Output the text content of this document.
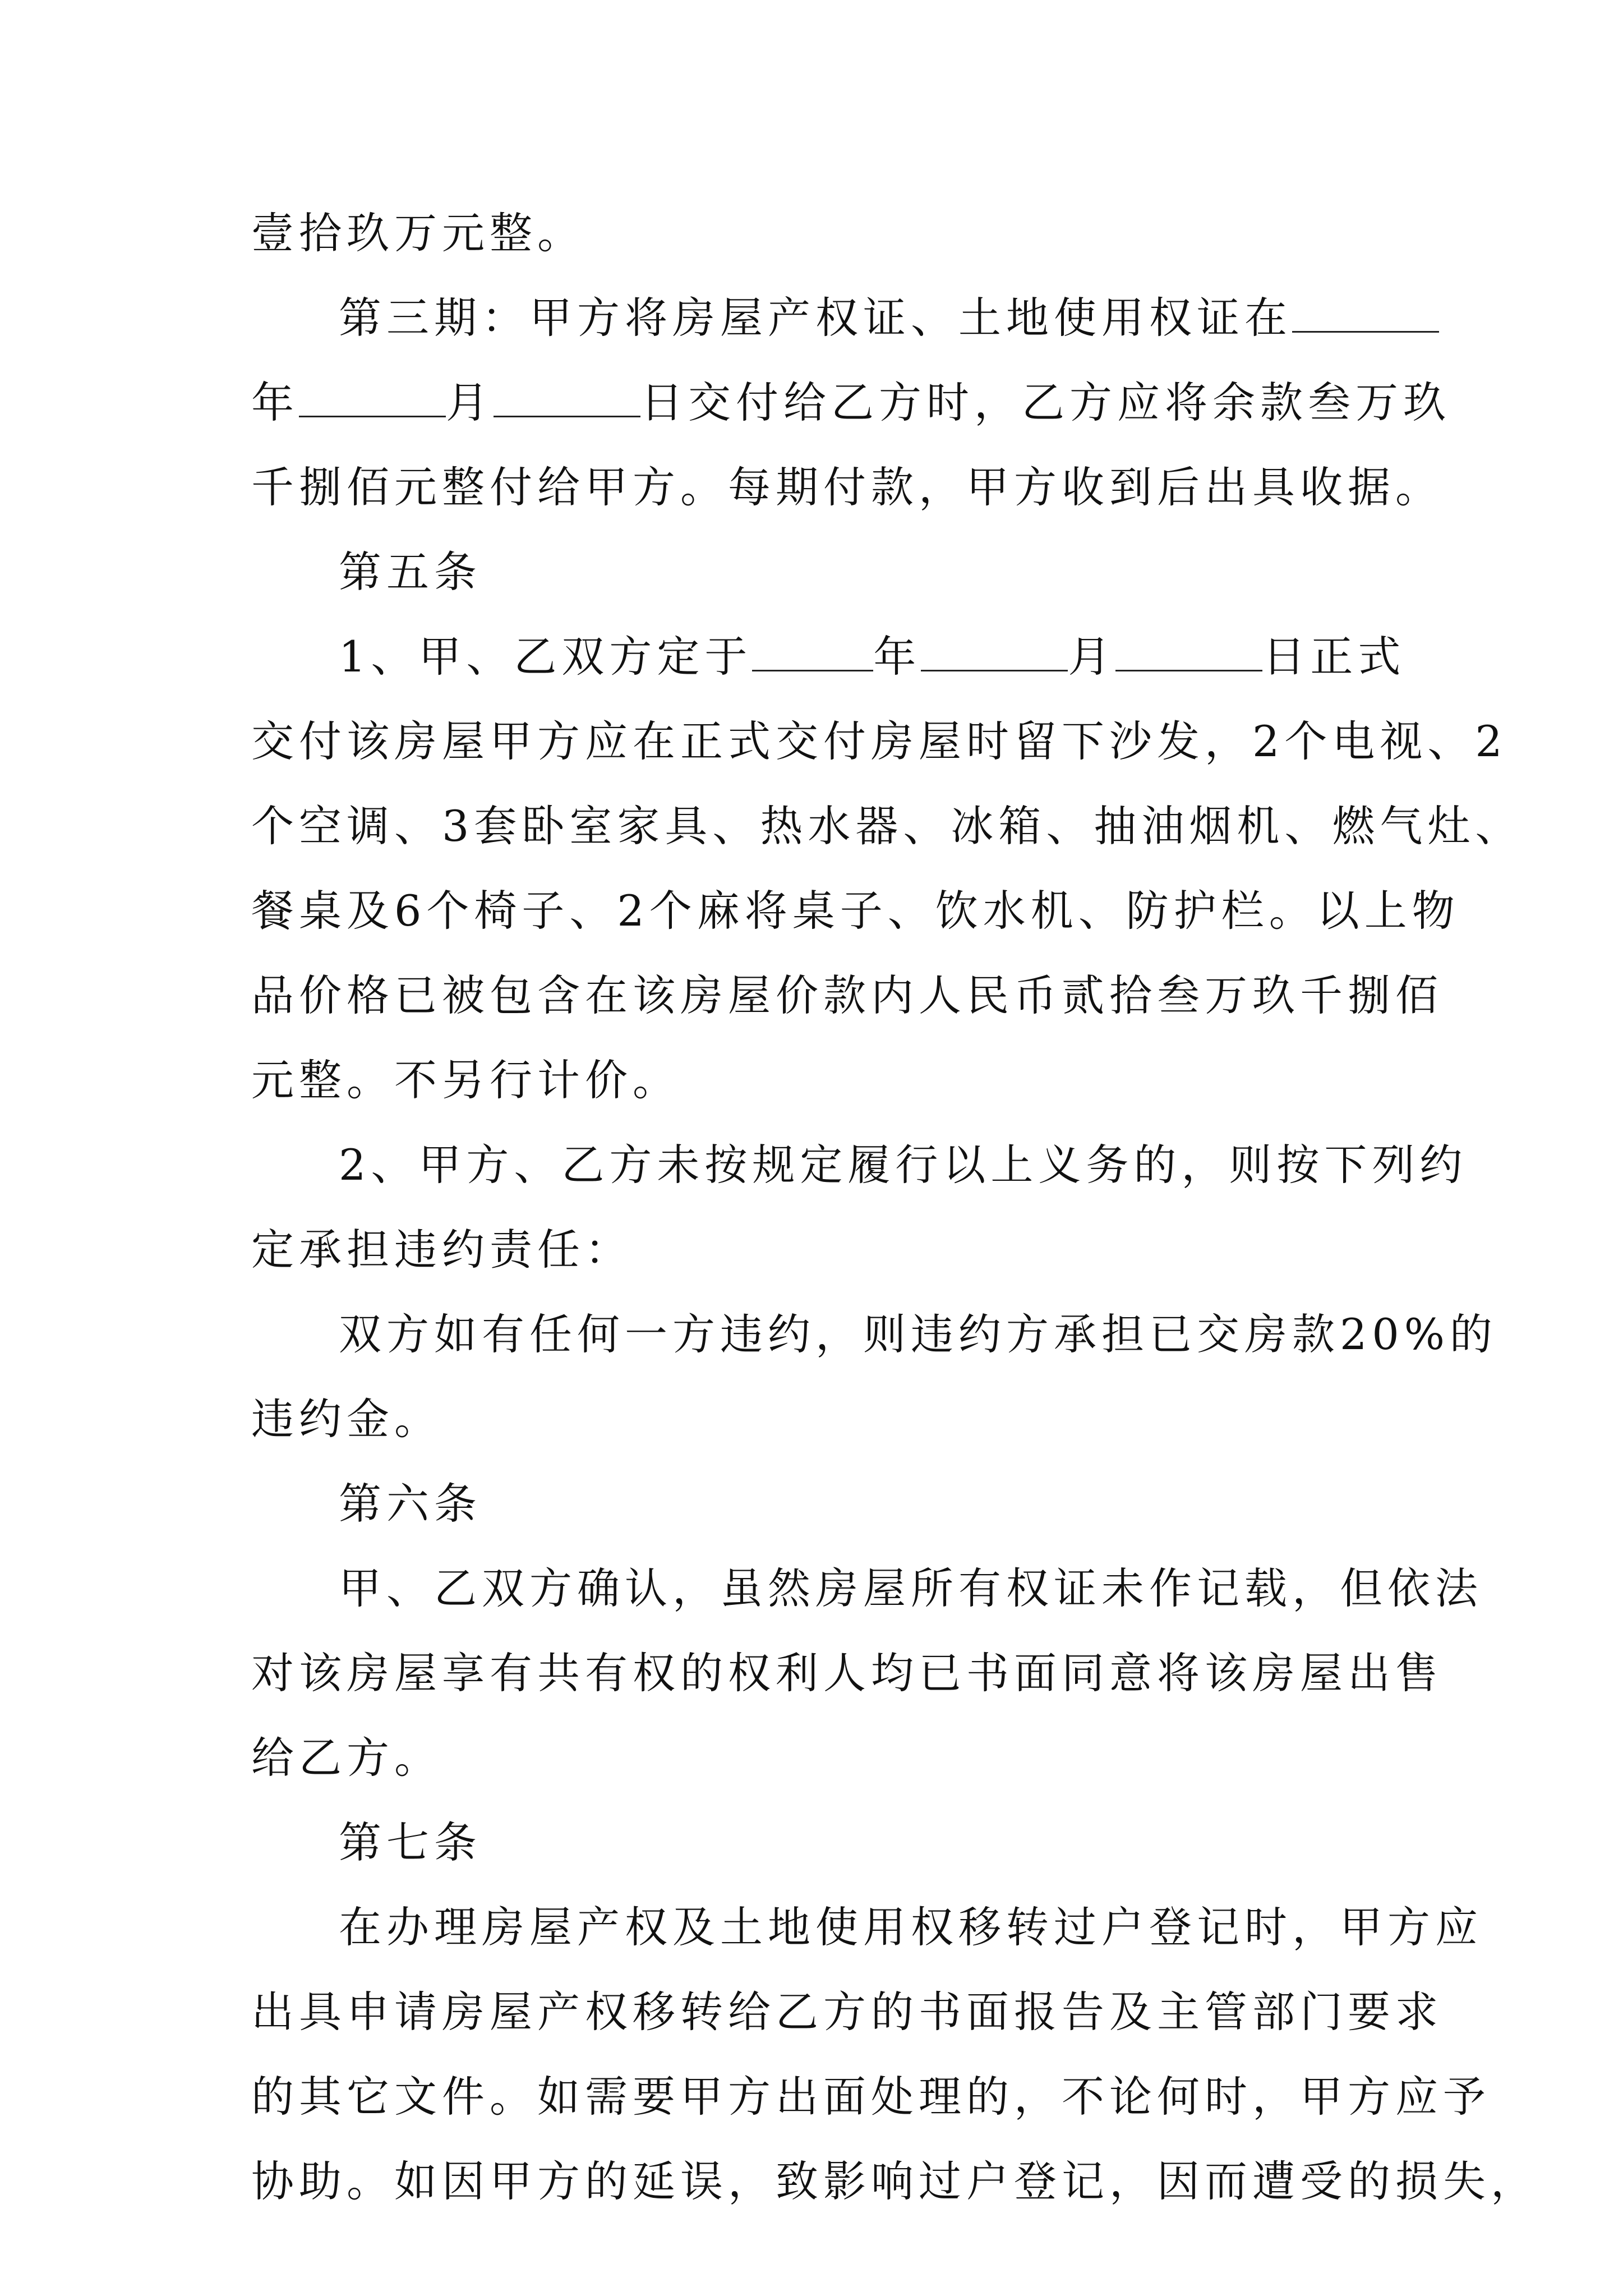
壹拾玖万元整。
第三期：甲方将房屋产权证、土地使用权证在
年	月	日交付给乙方时，乙方应将余款叁万玖
千捌佰元整付给甲方。每期付款，甲方收到后出具收据。
第五条
1、甲、乙双方定于	年	月	日正式
交付该房屋甲方应在正式交付房屋时留下沙发，2个电视、2
个空调、3套卧室家具、热水器、冰箱、抽油烟机、燃气灶、
餐桌及6个椅子、2个麻将桌子、饮水机、防护栏。以上物
品价格已被包含在该房屋价款内人民币贰拾叁万玖千捌佰
元整。不另行计价。
2、甲方、乙方未按规定履行以上义务的，则按下列约
定承担违约责任：
双方如有任何一方违约，则违约方承担已交房款20%的
违约金。
第六条
甲、乙双方确认，虽然房屋所有权证未作记载，但依法
对该房屋享有共有权的权利人均已书面同意将该房屋出售
给乙方。
第七条
在办理房屋产权及土地使用权移转过户登记时，甲方应
出具申请房屋产权移转给乙方的书面报告及主管部门要求
的其它文件。如需要甲方出面处理的，不论何时，甲方应予
协助。如因甲方的延误，致影响过户登记，因而遭受的损失，
